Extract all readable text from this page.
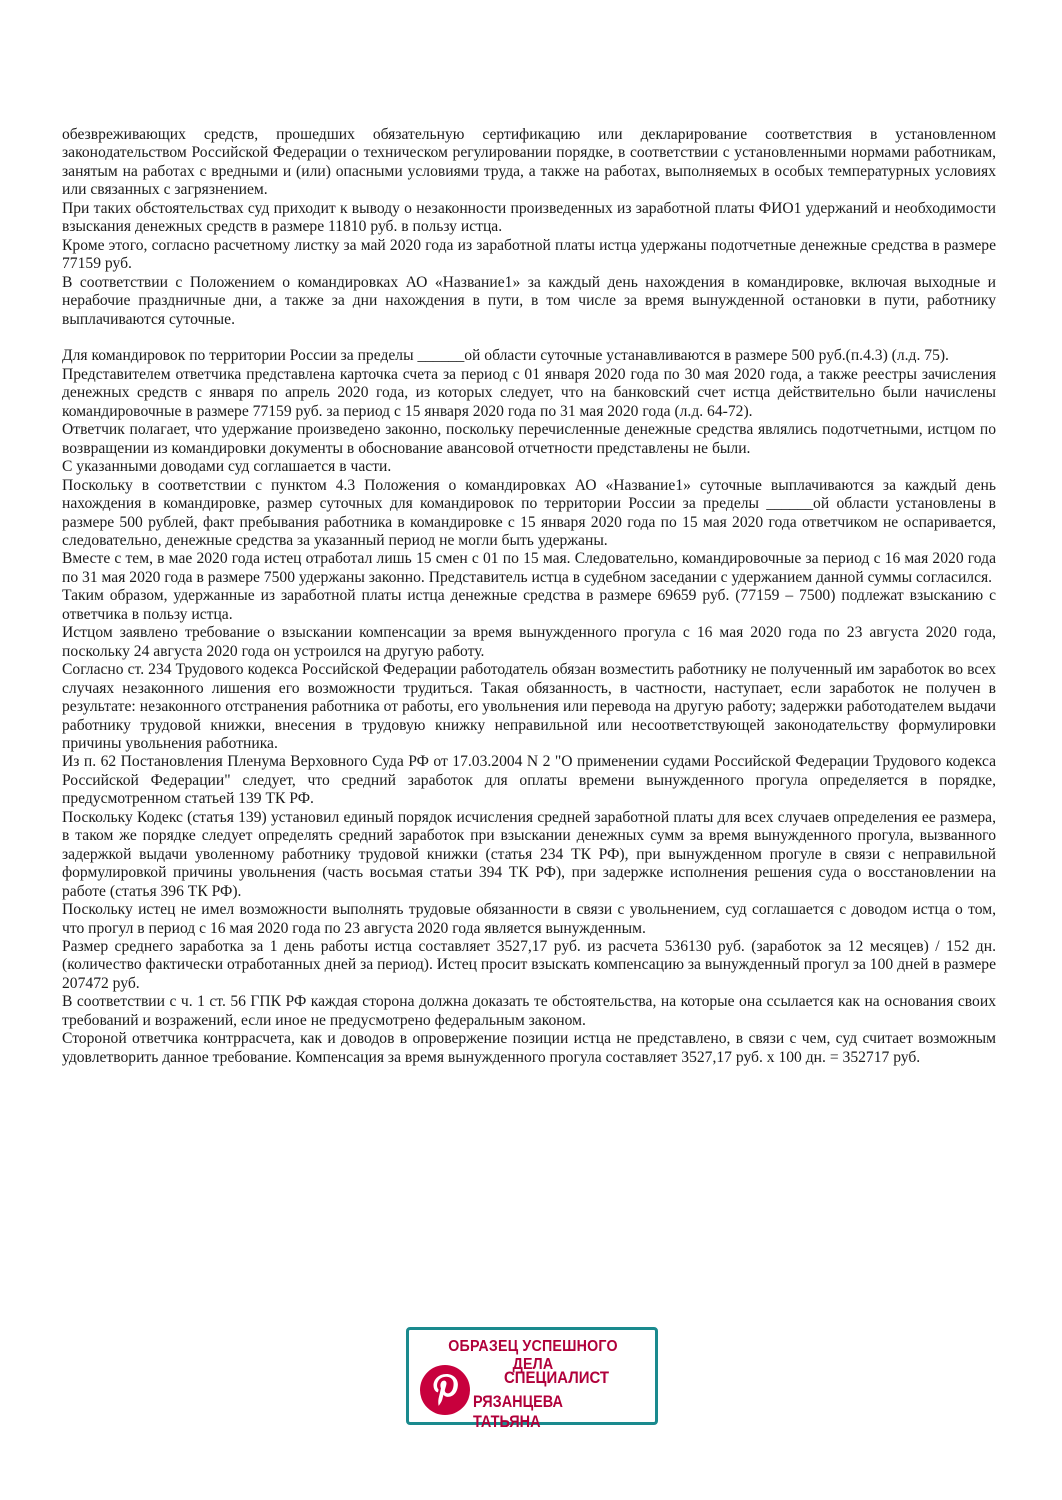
обезвреживающих средств, прошедших обязательную сертификацию или декларирование соответствия в установленном законодательством Российской Федерации о техническом регулировании порядке, в соответствии с установленными нормами работникам, занятым на работах с вредными и (или) опасными условиями труда, а также на работах, выполняемых в особых температурных условиях или связанных с загрязнением.

При таких обстоятельствах суд приходит к выводу о незаконности произведенных из заработной платы ФИО1 удержаний и необходимости взыскания денежных средств в размере 11810 руб. в пользу истца.

Кроме этого, согласно расчетному листку за май 2020 года из заработной платы истца удержаны подотчетные денежные средства в размере 77159 руб.

В соответствии с Положением о командировках АО «Название1» за каждый день нахождения в командировке, включая выходные и нерабочие праздничные дни, а также за дни нахождения в пути, в том числе за время вынужденной остановки в пути, работнику выплачиваются суточные.

Для командировок по территории России за пределы ______ой области суточные устанавливаются в размере 500 руб.(п.4.3) (л.д. 75).

Представителем ответчика представлена карточка счета за период с 01 января 2020 года по 30 мая 2020 года, а также реестры зачисления денежных средств с января по апрель 2020 года, из которых следует, что на банковский счет истца действительно были начислены командировочные в размере 77159 руб. за период с 15 января 2020 года по 31 мая 2020 года (л.д. 64-72).

Ответчик полагает, что удержание произведено законно, поскольку перечисленные денежные средства являлись подотчетными, истцом по возвращении из командировки документы в обоснование авансовой отчетности представлены не были.

С указанными доводами суд соглашается в части.

Поскольку в соответствии с пунктом 4.3 Положения о командировках АО «Название1» суточные выплачиваются за каждый день нахождения в командировке, размер суточных для командировок по территории России за пределы ______ой области установлены в размере 500 рублей, факт пребывания работника в командировке с 15 января 2020 года по 15 мая 2020 года ответчиком не оспаривается, следовательно, денежные средства за указанный период не могли быть удержаны.

Вместе с тем, в мае 2020 года истец отработал лишь 15 смен с 01 по 15 мая. Следовательно, командировочные за период с 16 мая 2020 года по 31 мая 2020 года в размере 7500 удержаны законно. Представитель истца в судебном заседании с удержанием данной суммы согласился.

Таким образом, удержанные из заработной платы истца денежные средства в размере 69659 руб. (77159 – 7500) подлежат взысканию с ответчика в пользу истца.

Истцом заявлено требование о взыскании компенсации за время вынужденного прогула с 16 мая 2020 года по 23 августа 2020 года, поскольку 24 августа 2020 года он устроился на другую работу.

Согласно ст. 234 Трудового кодекса Российской Федерации работодатель обязан возместить работнику не полученный им заработок во всех случаях незаконного лишения его возможности трудиться. Такая обязанность, в частности, наступает, если заработок не получен в результате: незаконного отстранения работника от работы, его увольнения или перевода на другую работу; задержки работодателем выдачи работнику трудовой книжки, внесения в трудовую книжку неправильной или несоответствующей законодательству формулировки причины увольнения работника.

Из п. 62 Постановления Пленума Верховного Суда РФ от 17.03.2004 N 2 "О применении судами Российской Федерации Трудового кодекса Российской Федерации" следует, что средний заработок для оплаты времени вынужденного прогула определяется в порядке, предусмотренном статьей 139 ТК РФ.

Поскольку Кодекс (статья 139) установил единый порядок исчисления средней заработной платы для всех случаев определения ее размера, в таком же порядке следует определять средний заработок при взыскании денежных сумм за время вынужденного прогула, вызванного задержкой выдачи уволенному работнику трудовой книжки (статья 234 ТК РФ), при вынужденном прогуле в связи с неправильной формулировкой причины увольнения (часть восьмая статьи 394 ТК РФ), при задержке исполнения решения суда о восстановлении на работе (статья 396 ТК РФ).

Поскольку истец не имел возможности выполнять трудовые обязанности в связи с увольнением, суд соглашается с доводом истца о том, что прогул в период с 16 мая 2020 года по 23 августа 2020 года является вынужденным.

Размер среднего заработка за 1 день работы истца составляет 3527,17 руб. из расчета 536130 руб. (заработок за 12 месяцев) / 152 дн. (количество фактически отработанных дней за период). Истец просит взыскать компенсацию за вынужденный прогул за 100 дней в размере 207472 руб.

В соответствии с ч. 1 ст. 56 ГПК РФ каждая сторона должна доказать те обстоятельства, на которые она ссылается как на основания своих требований и возражений, если иное не предусмотрено федеральным законом.

Стороной ответчика контррасчета, как и доводов в опровержение позиции истца не представлено, в связи с чем, суд считает возможным удовлетворить данное требование. Компенсация за время вынужденного прогула составляет 3527,17 руб. х 100 дн. = 352717 руб.

ОБРАЗЕЦ УСПЕШНОГО ДЕЛА
СПЕЦИАЛИСТ
РЯЗАНЦЕВА ТАТЬЯНА
